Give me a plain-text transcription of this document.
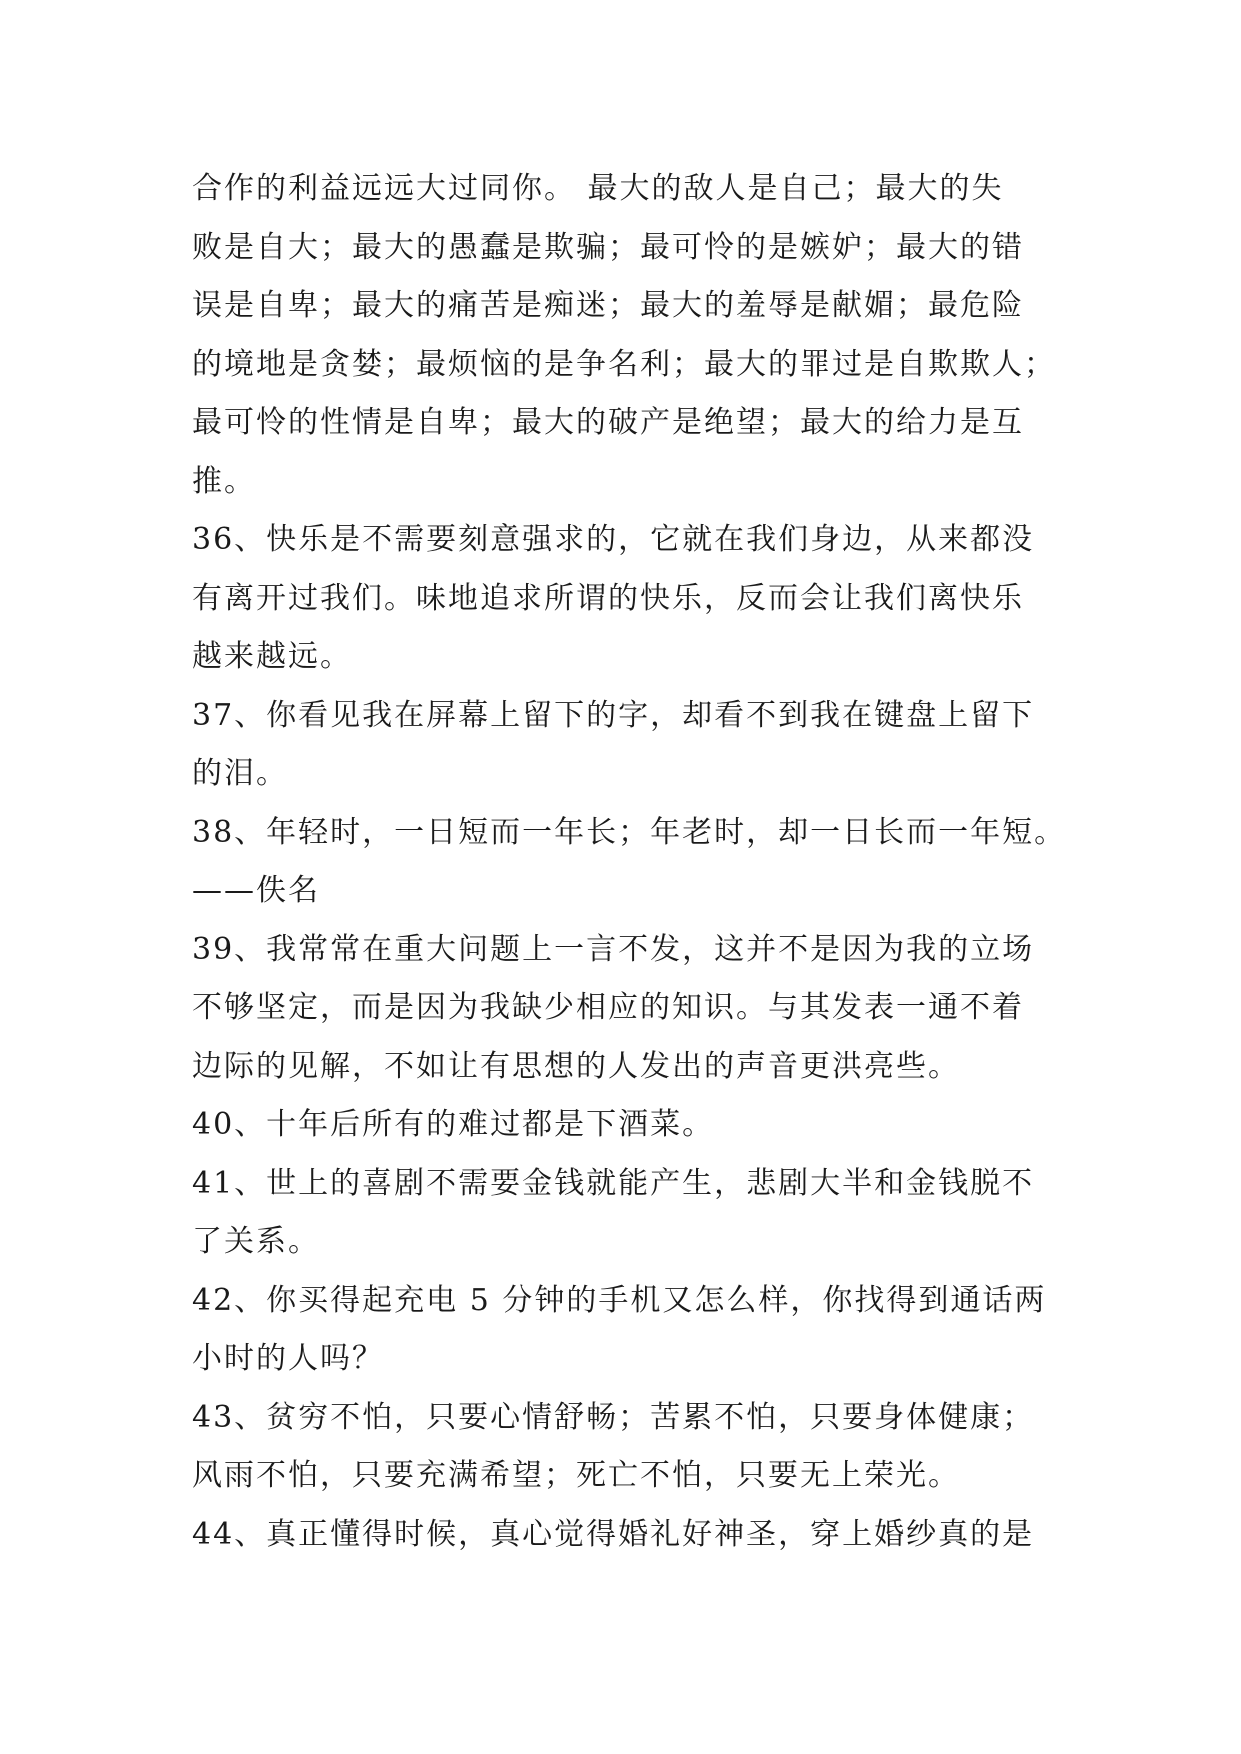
合作的利益远远大过同你。 最大的敌人是自己；最大的失
败是自大；最大的愚蠢是欺骗；最可怜的是嫉妒；最大的错
误是自卑；最大的痛苦是痴迷；最大的羞辱是献媚；最危险
的境地是贪婪；最烦恼的是争名利；最大的罪过是自欺欺人；
最可怜的性情是自卑；最大的破产是绝望；最大的给力是互
推。
36、快乐是不需要刻意强求的，它就在我们身边，从来都没
有离开过我们。味地追求所谓的快乐，反而会让我们离快乐
越来越远。
37、你看见我在屏幕上留下的字，却看不到我在键盘上留下
的泪。
38、年轻时，一日短而一年长；年老时，却一日长而一年短。
——佚名
39、我常常在重大问题上一言不发，这并不是因为我的立场
不够坚定，而是因为我缺少相应的知识。与其发表一通不着
边际的见解，不如让有思想的人发出的声音更洪亮些。
40、十年后所有的难过都是下酒菜。
41、世上的喜剧不需要金钱就能产生，悲剧大半和金钱脱不
了关系。
42、你买得起充电 5 分钟的手机又怎么样，你找得到通话两
小时的人吗？
43、贫穷不怕，只要心情舒畅；苦累不怕，只要身体健康；
风雨不怕，只要充满希望；死亡不怕，只要无上荣光。
44、真正懂得时候，真心觉得婚礼好神圣，穿上婚纱真的是
